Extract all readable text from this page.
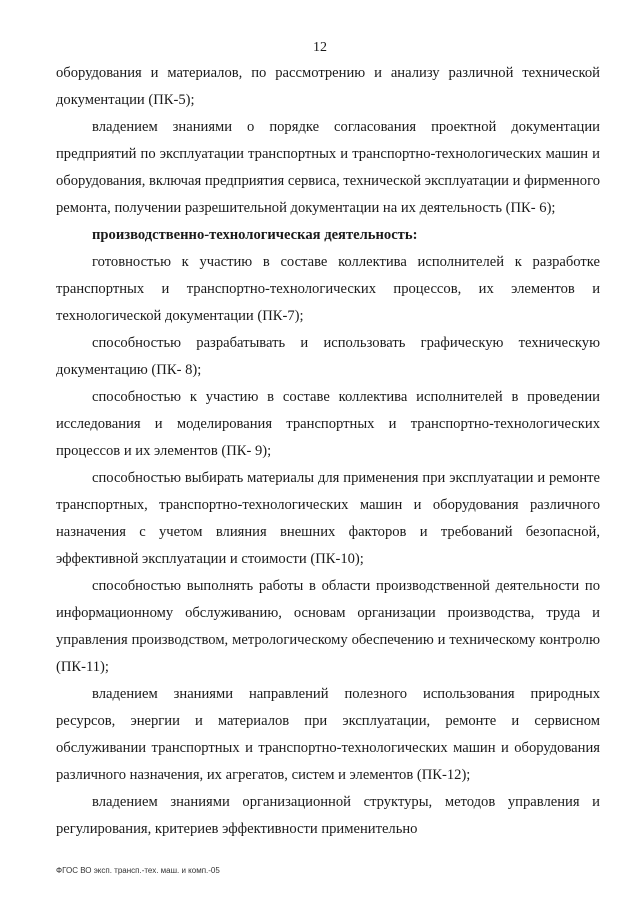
12

оборудования и материалов, по рассмотрению и анализу различной технической документации (ПК-5);

владением знаниями о порядке согласования проектной документации предприятий по эксплуатации транспортных и транспортно-технологических машин и оборудования, включая предприятия сервиса, технической эксплуатации и фирменного ремонта, получении разрешительной документации на их деятельность (ПК- 6);

производственно-технологическая деятельность:

готовностью к участию в составе коллектива исполнителей к разработке транспортных и транспортно-технологических процессов, их элементов и технологической документации (ПК-7);

способностью разрабатывать и использовать графическую техническую документацию (ПК- 8);

способностью к участию в составе коллектива исполнителей в проведении исследования и моделирования транспортных и транспортно-технологических процессов и их элементов (ПК- 9);

способностью выбирать материалы для применения при эксплуатации и ремонте транспортных, транспортно-технологических машин и оборудования различного назначения с учетом влияния внешних факторов и требований безопасной, эффективной эксплуатации и стоимости (ПК-10);

способностью выполнять работы в области производственной деятельности по информационному обслуживанию, основам организации производства, труда и управления производством, метрологическому обеспечению и техническому контролю (ПК-11);

владением знаниями направлений полезного использования природных ресурсов, энергии и материалов при эксплуатации, ремонте и сервисном обслуживании транспортных и транспортно-технологических машин и оборудования различного назначения, их агрегатов, систем и элементов (ПК-12);

владением знаниями организационной структуры, методов управления и регулирования, критериев эффективности применительно

ФГОС ВО эксп. трансп.-тех. маш. и комп.-05
